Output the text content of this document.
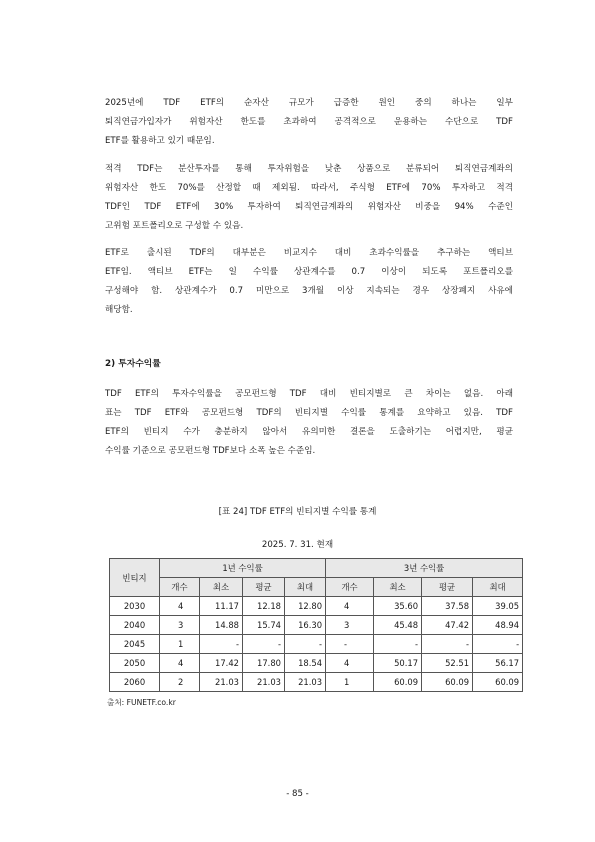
2025년에 TDF ETF의 순자산 규모가 급증한 원인 중의 하나는 일부
퇴직연금가입자가 위험자산 한도를 초과하여 공격적으로 운용하는 수단으로 TDF
ETF를 활용하고 있기 때문임.
적격 TDF는 분산투자를 통해 투자위험을 낮춘 상품으로 분류되어 퇴직연금계좌의
위험자산 한도 70%를 산정할 때 제외됨. 따라서, 주식형 ETF에 70% 투자하고 적격
TDF인 TDF ETF에 30% 투자하여 퇴직연금계좌의 위험자산 비중을 94% 수준인
고위험 포트폴리오로 구성할 수 있음.
ETF로 출시된 TDF의 대부분은 비교지수 대비 초과수익률을 추구하는 액티브
ETF임. 액티브 ETF는 일 수익률 상관계수를 0.7 이상이 되도록 포트폴리오를
구성해야 함. 상관계수가 0.7 미만으로 3개월 이상 지속되는 경우 상장폐지 사유에
해당함.
2) 투자수익률
TDF ETF의 투자수익률을 공모펀드형 TDF 대비 빈티지별로 큰 차이는 없음. 아래
표는 TDF ETF와 공모펀드형 TDF의 빈티지별 수익률 통계를 요약하고 있음. TDF
ETF의 빈티지 수가 충분하지 않아서 유의미한 결론을 도출하기는 어렵지만, 평균
수익률 기준으로 공모펀드형 TDF보다 소폭 높은 수준임.
[표 24] TDF ETF의 빈티지별 수익률 통계
2025. 7. 31. 현재
빈티지	1년 수익률				3년 수익률			
	개수	최소	평균	최대	개수	최소	평균	최대
2030	4	11.17	12.18	12.80	4	35.60	37.58	39.05
2040	3	14.88	15.74	16.30	3	45.48	47.42	48.94
2045	1	-	-	-	-	-	-	-
2050	4	17.42	17.80	18.54	4	50.17	52.51	56.17
2060	2	21.03	21.03	21.03	1	60.09	60.09	60.09
출처: FUNETF.co.kr
- 85 -
